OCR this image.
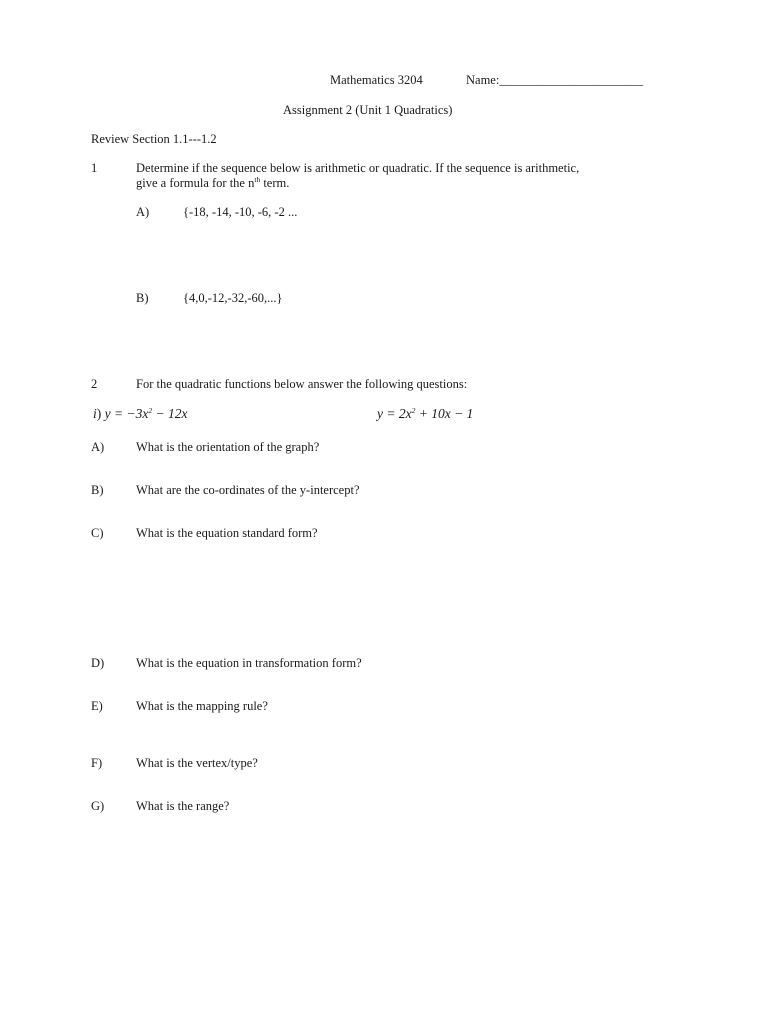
Mathematics 3204	Name:_______________________
Assignment 2 (Unit 1 Quadratics)
Review Section 1.1---1.2
1	Determine if the sequence below is arithmetic or quadratic. If the sequence is arithmetic,
give a formula for the $n^{th}$ term.
A)	{-18, -14, -10, -6, -2 ...
B)	{4,0,-12,-32,-60,...}
2	For the quadratic functions below answer the following questions:
i) $y = -3x^2 - 12x$	$y = 2x^2 + 10x - 1$
A)	What is the orientation of the graph?
B)	What are the co-ordinates of the y-intercept?
C)	What is the equation standard form?
D)	What is the equation in transformation form?
E)	What is the mapping rule?
F)	What is the vertex/type?
G)	What is the range?
